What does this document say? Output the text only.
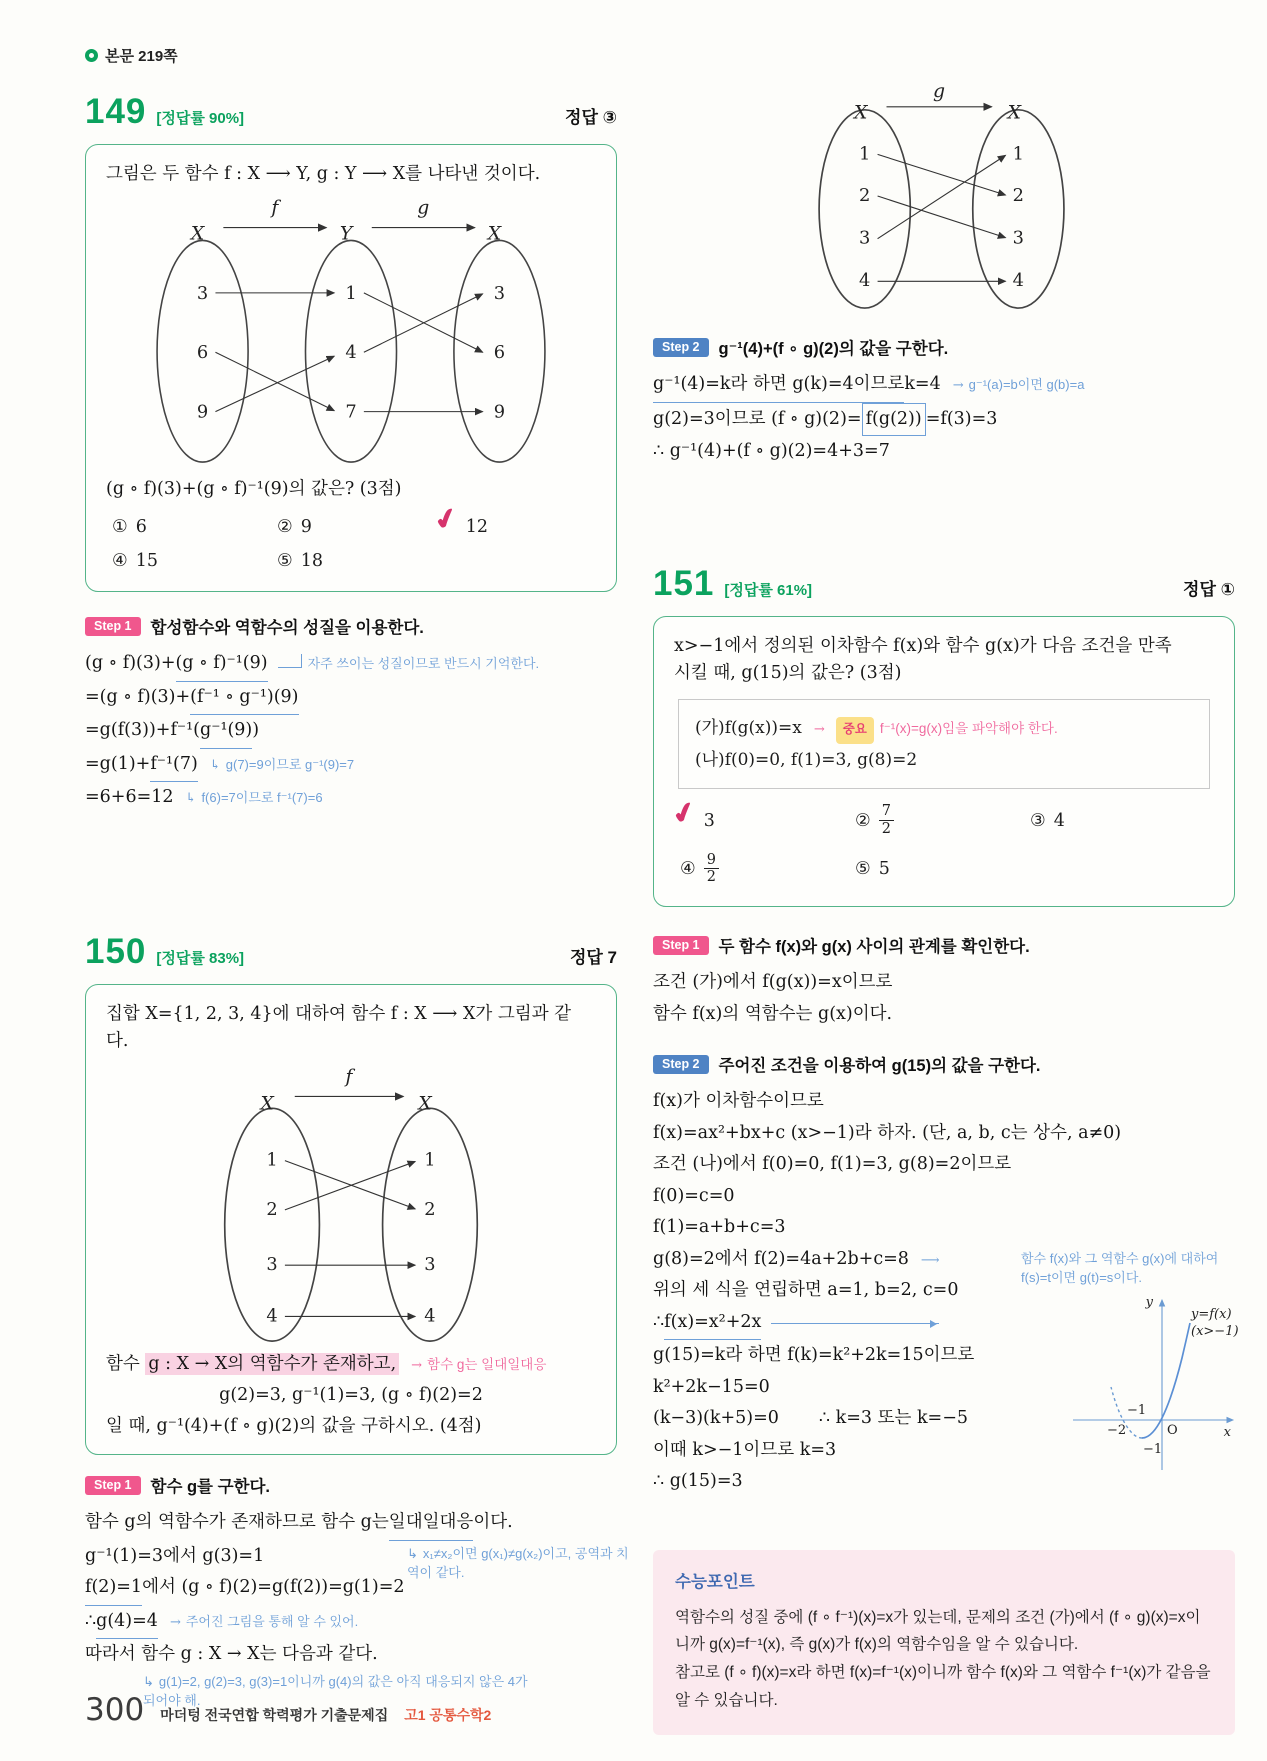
본문 219쪽
149 [정답률 90%]	정답 ③
그림은 두 함수 f : X ⟶ Y, g : Y ⟶ X를 나타낸 것이다.
X	Y	X
f	g
3
6
9
1
4
7
3
6
9
(g ∘ f)(3)+(g ∘ f)⁻¹(9)의 값은? (3점)
① 6	② 9	✔ 12
④ 15	⑤ 18
Step 1	합성함수와 역함수의 성질을 이용한다.
(g ∘ f)(3)+ (g ∘ f)⁻¹(9)	자주 쓰이는 성질이므로 반드시 기억한다.
=(g ∘ f)(3)+ (f⁻¹ ∘ g⁻¹)(9)
=g(f(3))+f⁻¹( g⁻¹(9) )
=g(1)+ f⁻¹(7) ↳ g(7)=9이므로 g⁻¹(9)=7
=6+6=12 ↳ f(6)=7이므로 f⁻¹(7)=6
150 [정답률 83%]	정답 7
집합 X={1, 2, 3, 4}에 대하여 함수 f : X ⟶ X가 그림과 같다.
X	X
f
1
2
3
4
1
2
3
4
함수 g : X → X의 역함수가 존재하고, → 함수 g는 일대일대응
g(2)=3, g⁻¹(1)=3, (g ∘ f)(2)=2
일 때, g⁻¹(4)+(f ∘ g)(2)의 값을 구하시오. (4점)
Step 1	함수 g를 구한다.
↳ x₁≠x₂이면 g(x₁)≠g(x₂)이고, 공역과 치역이 같다.
함수 g의 역함수가 존재하므로 함수 g는 일대일대응 이다.
g⁻¹(1)=3에서 g(3)=1
f(2)=1 에서 (g ∘ f)(2)=g(f(2))=g(1)=2
∴ g(4)=4 → 주어진 그림을 통해 알 수 있어.
따라서 함수 g : X → X는 다음과 같다.
↳ g(1)=2, g(2)=3, g(3)=1이니까 g(4)의 값은 아직 대응되지 않은 4가 되어야 해.
X	X
g
1
2
3
4
1
2
3
4
Step 2	g⁻¹(4)+(f ∘ g)(2)의 값을 구한다.
g⁻¹(4)=k라 하면 g(k)=4이므로 k=4 → g⁻¹(a)=b이면 g(b)=a
g(2)=3이므로 (f ∘ g)(2)= f(g(2)) =f(3)=3
∴ g⁻¹(4)+(f ∘ g)(2)=4+3=7
151 [정답률 61%]	정답 ①
x>−1에서 정의된 이차함수 f(x)와 함수 g(x)가 다음 조건을 만족시킬 때, g(15)의 값은? (3점)
(가) f(g(x))=x →	중요 f⁻¹(x)=g(x)임을 파악해야 한다.
(나) f(0)=0, f(1)=3, g(8)=2
✔ 3	② $\frac{7}{2}$	③ 4
④ $\frac{9}{2}$	⑤ 5
Step 1	두 함수 f(x)와 g(x) 사이의 관계를 확인한다.
조건 (가)에서 f(g(x))=x이므로
함수 f(x)의 역함수는 g(x)이다.
Step 2	주어진 조건을 이용하여 g(15)의 값을 구한다.
f(x)가 이차함수이므로
f(x)=ax²+bx+c (x>−1)라 하자. (단, a, b, c는 상수, a≠0)
조건 (나)에서 f(0)=0, f(1)=3, g(8)=2이므로
f(0)=c=0
f(1)=a+b+c=3
함수 f(x)와 그 역함수 g(x)에 대하여 f(s)=t이면 g(t)=s이다.
g(8)=2에서 f(2)=4a+2b+c=8 ⟶
위의 세 식을 연립하면 a=1, b=2, c=0
y
x
O
y=f(x)
(x>−1)
−1
−2
−1
∴ f(x)=x²+2x
g(15)=k라 하면 f(k)=k²+2k=15이므로
k²+2k−15=0
(k−3)(k+5)=0 ∴ k=3 또는 k=−5
이때 k>−1이므로 k=3
∴ g(15)=3
수능포인트
역함수의 성질 중에 (f ∘ f⁻¹)(x)=x가 있는데, 문제의 조건 (가)에서 (f ∘ g)(x)=x이니까 g(x)=f⁻¹(x), 즉 g(x)가 f(x)의 역함수임을 알 수 있습니다.
참고로 (f ∘ f)(x)=x라 하면 f(x)=f⁻¹(x)이니까 함수 f(x)와 그 역함수 f⁻¹(x)가 같음을 알 수 있습니다.
300 마더텅 전국연합 학력평가 기출문제집 고1 공통수학2
